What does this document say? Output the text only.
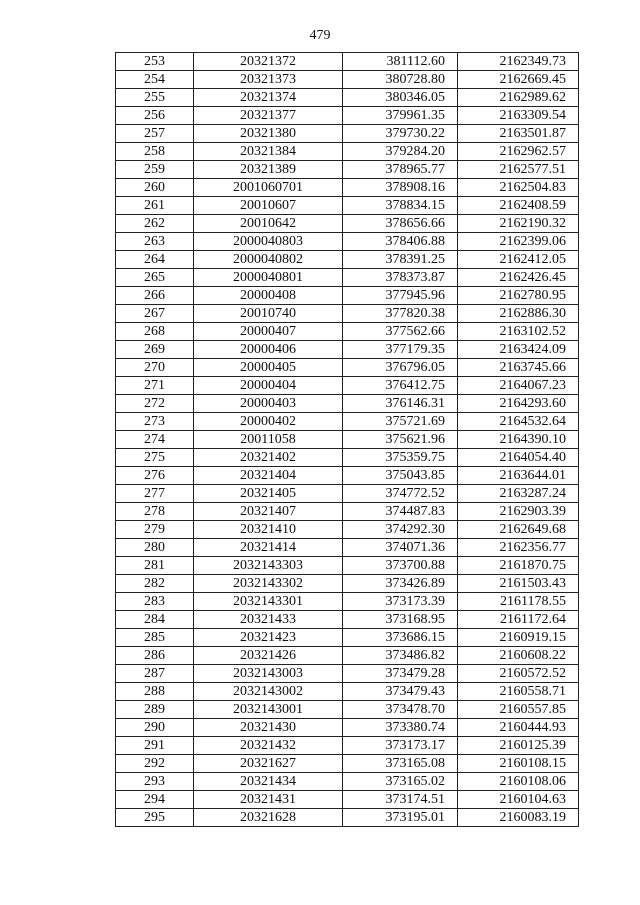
479
253	20321372	381112.60	2162349.73
254	20321373	380728.80	2162669.45
255	20321374	380346.05	2162989.62
256	20321377	379961.35	2163309.54
257	20321380	379730.22	2163501.87
258	20321384	379284.20	2162962.57
259	20321389	378965.77	2162577.51
260	2001060701	378908.16	2162504.83
261	20010607	378834.15	2162408.59
262	20010642	378656.66	2162190.32
263	2000040803	378406.88	2162399.06
264	2000040802	378391.25	2162412.05
265	2000040801	378373.87	2162426.45
266	20000408	377945.96	2162780.95
267	20010740	377820.38	2162886.30
268	20000407	377562.66	2163102.52
269	20000406	377179.35	2163424.09
270	20000405	376796.05	2163745.66
271	20000404	376412.75	2164067.23
272	20000403	376146.31	2164293.60
273	20000402	375721.69	2164532.64
274	20011058	375621.96	2164390.10
275	20321402	375359.75	2164054.40
276	20321404	375043.85	2163644.01
277	20321405	374772.52	2163287.24
278	20321407	374487.83	2162903.39
279	20321410	374292.30	2162649.68
280	20321414	374071.36	2162356.77
281	2032143303	373700.88	2161870.75
282	2032143302	373426.89	2161503.43
283	2032143301	373173.39	2161178.55
284	20321433	373168.95	2161172.64
285	20321423	373686.15	2160919.15
286	20321426	373486.82	2160608.22
287	2032143003	373479.28	2160572.52
288	2032143002	373479.43	2160558.71
289	2032143001	373478.70	2160557.85
290	20321430	373380.74	2160444.93
291	20321432	373173.17	2160125.39
292	20321627	373165.08	2160108.15
293	20321434	373165.02	2160108.06
294	20321431	373174.51	2160104.63
295	20321628	373195.01	2160083.19
